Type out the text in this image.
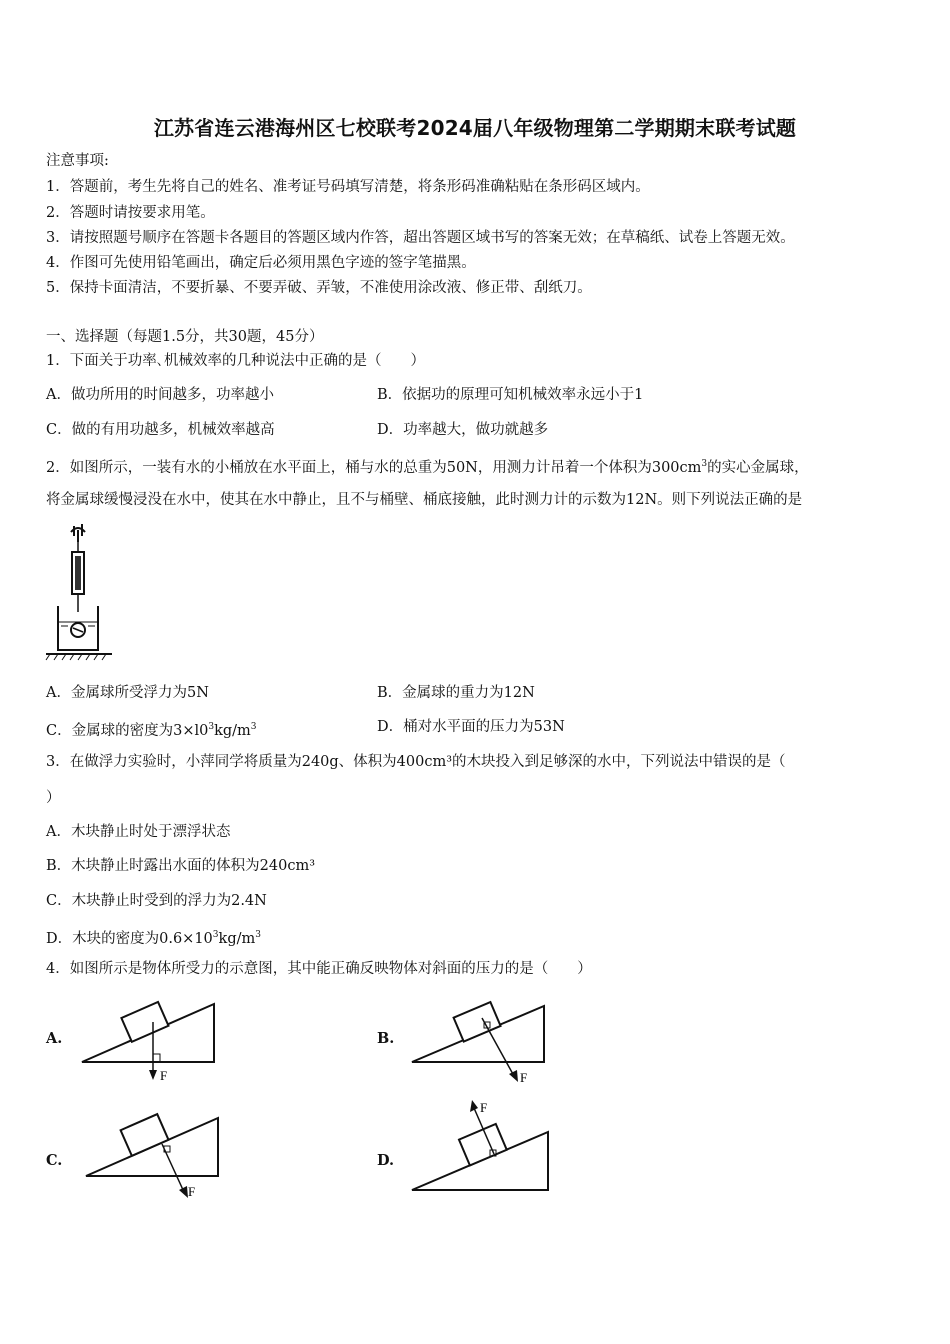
江苏省连云港海州区七校联考2024届八年级物理第二学期期末联考试题
注意事项:
1．答题前，考生先将自己的姓名、准考证号码填写清楚，将条形码准确粘贴在条形码区域内。
2．答题时请按要求用笔。
3．请按照题号顺序在答题卡各题目的答题区域内作答，超出答题区域书写的答案无效；在草稿纸、试卷上答题无效。
4．作图可先使用铅笔画出，确定后必须用黑色字迹的签字笔描黑。
5．保持卡面清洁，不要折暴、不要弄破、弄皱，不准使用涂改液、修正带、刮纸刀。
一、选择题（每题1.5分，共30题，45分）
1．下面关于功率､机械效率的几种说法中正确的是（　　）
A．做功所用的时间越多，功率越小	B．依据功的原理可知机械效率永远小于1
C．做的有用功越多，机械效率越高	D．功率越大，做功就越多
2．如图所示，一装有水的小桶放在水平面上，桶与水的总重为50N，用测力计吊着一个体积为$300cm^3$的实心金属球，
将金属球缓慢浸没在水中，使其在水中静止，且不与桶壁、桶底接触，此时测力计的示数为12N。则下列说法正确的是
A．金属球所受浮力为5N	B．金属球的重力为12N
C．金属球的密度为$3\times l0^3kg/m^3$	D．桶对水平面的压力为53N
3．在做浮力实验时，小萍同学将质量为240g、体积为400cm³的木块投入到足够深的水中，下列说法中错误的是（
）
A．木块静止时处于漂浮状态
B．木块静止时露出水面的体积为240cm³
C．木块静止时受到的浮力为2.4N
D．木块的密度为$0.6\times 10^3kg/m^3$
4．如图所示是物体所受力的示意图，其中能正确反映物体对斜面的压力的是（　　）
A.
F
B.
F
C.
F
D.
F
